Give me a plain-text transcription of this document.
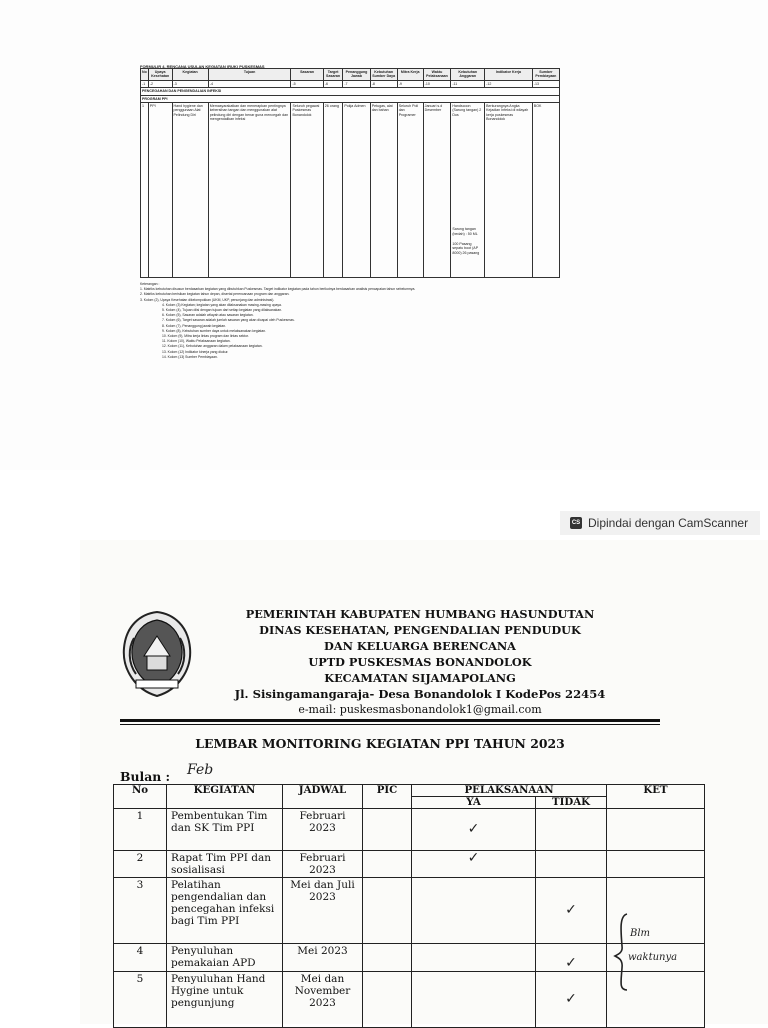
FORMULIR 4. RENCANA USULAN KEGIATAN (RUK) PUSKESMAS
No	Upaya Kesehatan	Kegiatan	Tujuan	Sasaran	Target Sasaran	Penanggung Jawab	Kebutuhan Sumber Daya	Mitra Kerja	Waktu Pelaksanaan	Kebutuhan Anggaran	Indikator Kerja	Sumber Pembiayaan
-1	-2	-3	-4	-5	-6	-7	-8	-9	-10	-11	-12	-13
PENCEGAHAN DAN PENGENDALIAN INFEKSI												
PROGRAM PPI												
1	PPI	Hand hygiene dan penggunaan Alat Pelindung Diri	Memasyarakatkan dan menerapkan pentingnya kebersihan tangan dan menggunakan alat pelindung diri dengan benar guna mencegah dan mengendalikan infeksi	Seluruh pegawai Puskesmas Bonandolok	26 orang	Pokja Admen	Petugas, alat dan bahan	Seluruh Poli dan Programer	Januari s.d Desember	Handscoon (Sarung tangan) 2 Dus
Sarung tangan (bedah) : 50 ML
100 Pasang sepatu boot (AP 8000) 26 pasang	Berkurangnya Angka Kejadian Infeksi di wilayah kerja puskesmas Bonandolok	BOK
Keterangan :
1. Matriks kebutuhan disusun berdasarkan kegiatan yang dibutuhkan Puskesmas. Target indikator kegiatan pada tahun berikutnya berdasarkan analisis pencapaian tahun sebelumnya.
2. Matriks kebutuhan berisikan kegiatan tahun depan, disertai perencanaan program dan anggaran.
3. Kolom (2), Upaya Kesehatan dikelompokkan (UKM, UKP, penunjang dan administrasi).
4. Kolom (3) Kegiatan; kegiatan yang akan dilaksanakan masing-masing upaya.
5. Kolom (4), Tujuan diisi dengan tujuan dari setiap kegiatan yang dilaksanakan.
6. Kolom (5), Sasaran adalah wilayah atau sasaran kegiatan.
7. Kolom (6), Target sasaran adalah jumlah sasaran yang akan dicapai oleh Puskesmas.
8. Kolom (7), Penanggung jawab kegiatan.
9. Kolom (8), Kebutuhan sumber daya untuk melaksanakan kegiatan.
10. Kolom (9), Mitra kerja lintas program dan lintas sektor.
11. Kolom (10), Waktu Pelaksanaan kegiatan.
12. Kolom (11), Kebutuhan anggaran dalam pelaksanaan kegiatan.
13. Kolom (12) Indikator kinerja yang diukur.
14. Kolom (13) Sumber Pembiayaan.
CS Dipindai dengan CamScanner
PEMERINTAH KABUPATEN HUMBANG HASUNDUTAN
DINAS KESEHATAN, PENGENDALIAN PENDUDUK
DAN KELUARGA BERENCANA
UPTD PUSKESMAS BONANDOLOK
KECAMATAN SIJAMAPOLANG
Jl. Sisingamangaraja- Desa Bonandolok I KodePos 22454
e-mail: puskesmasbonandolok1@gmail.com
LEMBAR MONITORING KEGIATAN PPI TAHUN 2023
Bulan : Feb
No	KEGIATAN	JADWAL	PIC	PELAKSANAAN		KET
				YA	TIDAK	
1	Pembentukan Tim dan SK Tim PPI	Februari 2023		✓		
2	Rapat Tim PPI dan sosialisasi	Februari 2023		✓		
3	Pelatihan pengendalian dan pencegahan infeksi bagi Tim PPI	Mei dan Juli 2023			✓	
4	Penyuluhan pemakaian APD	Mei 2023			✓	
5	Penyuluhan Hand Hygine untuk pengunjung	Mei dan November 2023			✓	
Blm
waktunya
